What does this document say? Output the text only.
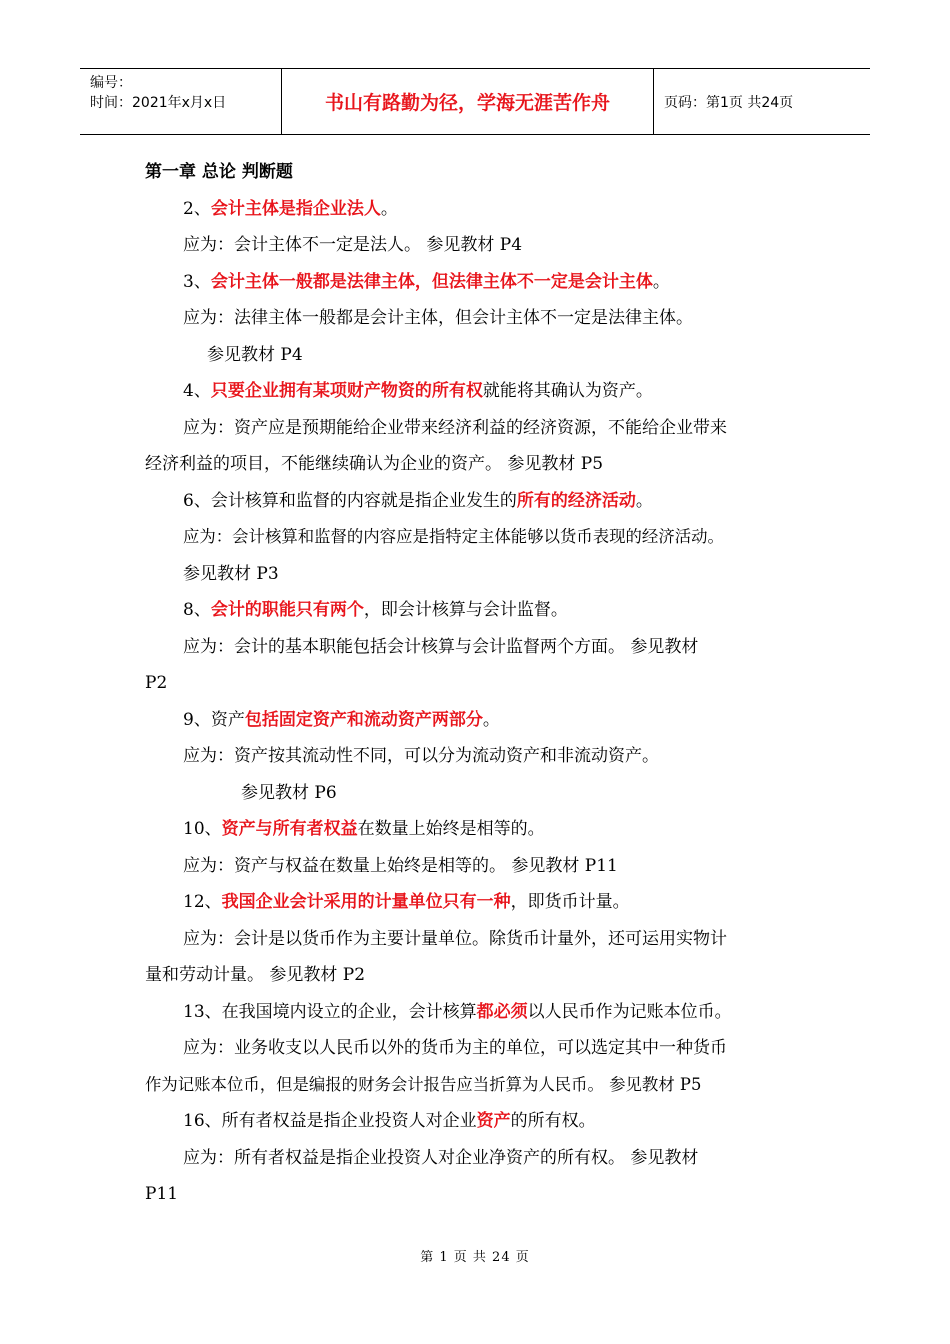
编号：
时间：2021年x月x日	书山有路勤为径，学海无涯苦作舟	页码：第1页 共24页

第一章 总论 判断题

2、会计主体是指企业法人。

应为：会计主体不一定是法人。 参见教材 P4

3、会计主体一般都是法律主体，但法律主体不一定是会计主体。

应为：法律主体一般都是会计主体，但会计主体不一定是法律主体。

参见教材 P4

4、只要企业拥有某项财产物资的所有权就能将其确认为资产。

应为：资产应是预期能给企业带来经济利益的经济资源，不能给企业带来

经济利益的项目，不能继续确认为企业的资产。 参见教材 P5

6、会计核算和监督的内容就是指企业发生的所有的经济活动。

应为：会计核算和监督的内容应是指特定主体能够以货币表现的经济活动。

参见教材 P3

8、会计的职能只有两个，即会计核算与会计监督。

应为：会计的基本职能包括会计核算与会计监督两个方面。 参见教材

P2

9、资产包括固定资产和流动资产两部分。

应为：资产按其流动性不同，可以分为流动资产和非流动资产。

参见教材 P6

10、资产与所有者权益在数量上始终是相等的。

应为：资产与权益在数量上始终是相等的。 参见教材 P11

12、我国企业会计采用的计量单位只有一种，即货币计量。

应为：会计是以货币作为主要计量单位。除货币计量外，还可运用实物计

量和劳动计量。 参见教材 P2

13、在我国境内设立的企业，会计核算都必须以人民币作为记账本位币。

应为：业务收支以人民币以外的货币为主的单位，可以选定其中一种货币

作为记账本位币，但是编报的财务会计报告应当折算为人民币。 参见教材 P5

16、所有者权益是指企业投资人对企业资产的所有权。

应为：所有者权益是指企业投资人对企业净资产的所有权。 参见教材

P11

第 1 页 共 24 页
